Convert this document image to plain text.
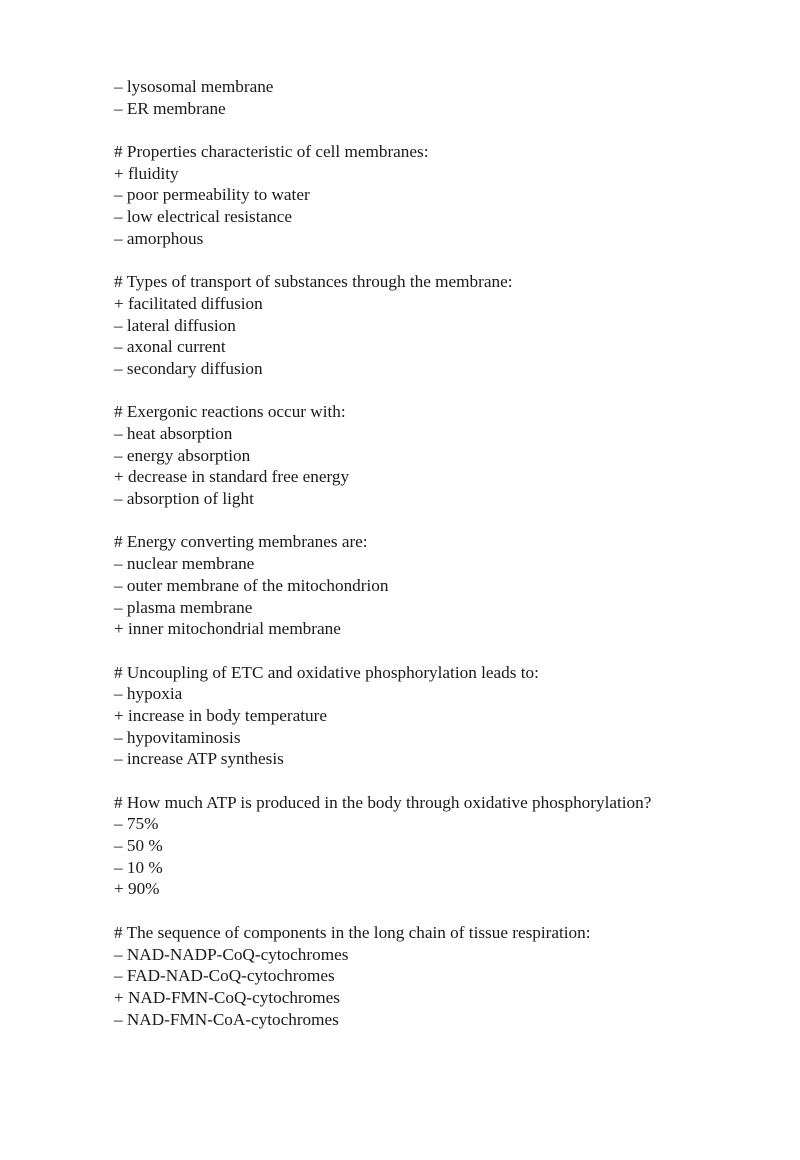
– lysosomal membrane
– ER membrane
# Properties characteristic of cell membranes:
+ fluidity
– poor permeability to water
– low electrical resistance
– amorphous
# Types of transport of substances through the membrane:
+ facilitated diffusion
– lateral diffusion
– axonal current
– secondary diffusion
# Exergonic reactions occur with:
– heat absorption
– energy absorption
+ decrease in standard free energy
– absorption of light
# Energy converting membranes are:
– nuclear membrane
– outer membrane of the mitochondrion
– plasma membrane
+ inner mitochondrial membrane
# Uncoupling of ETC and oxidative phosphorylation leads to:
– hypoxia
+ increase in body temperature
– hypovitaminosis
– increase ATP synthesis
# How much ATP is produced in the body through oxidative phosphorylation?
– 75%
– 50 %
– 10 %
+ 90%
# The sequence of components in the long chain of tissue respiration:
– NAD-NADP-CoQ-cytochromes
– FAD-NAD-CoQ-cytochromes
+ NAD-FMN-CoQ-cytochromes
– NAD-FMN-CoA-cytochromes
